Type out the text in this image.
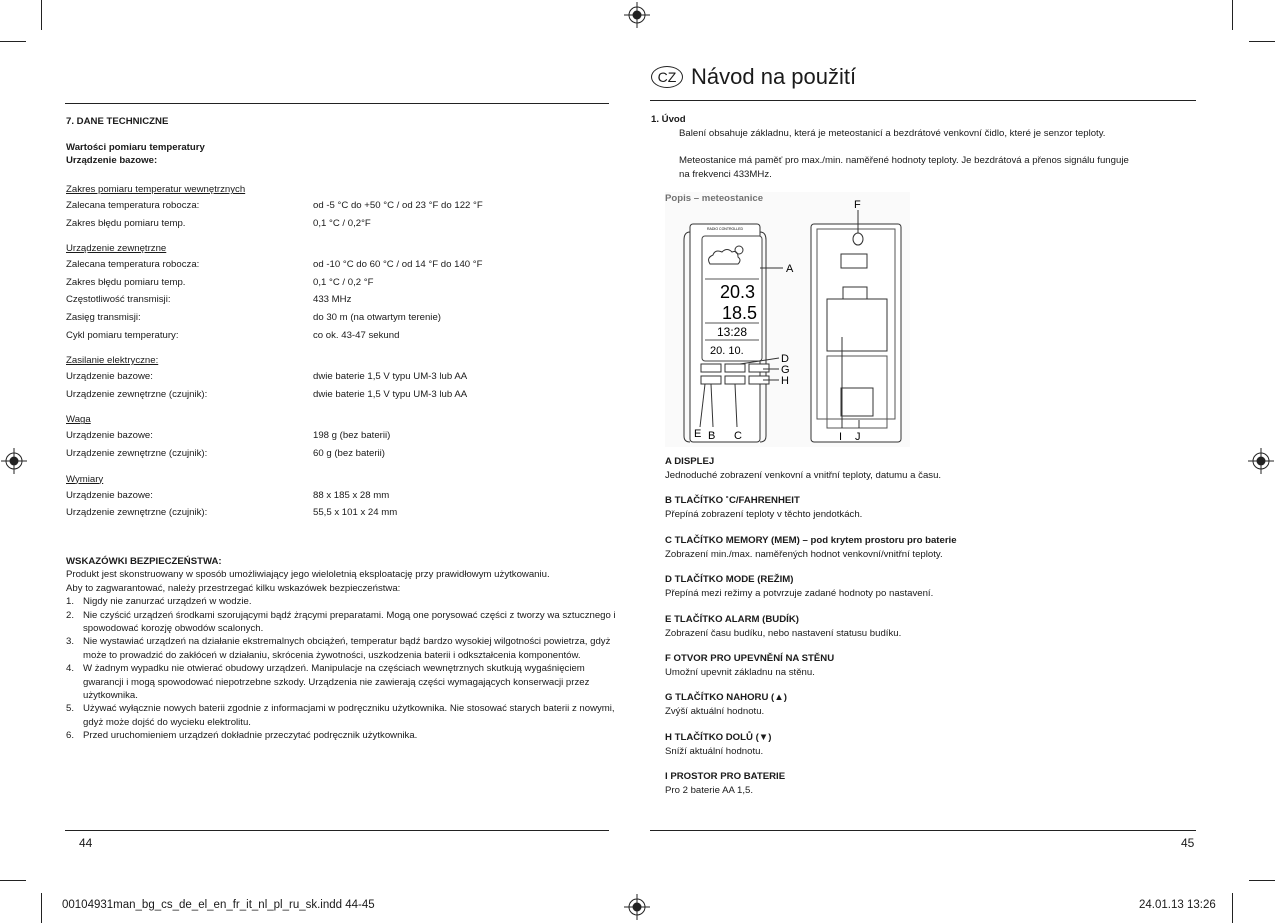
7. DANE TECHNICZNE
Wartości pomiaru temperatury
Urządzenie bazowe:
Zakres pomiaru temperatur wewnętrznych
Zalecana temperatura robocza:	od -5 °C do +50 °C / od 23 °F do 122 °F
Zakres błędu pomiaru temp.	0,1 °C / 0,2°F
Urządzenie zewnętrzne
Zalecana temperatura robocza:	od -10 °C do 60 °C / od 14 °F do 140 °F
Zakres błędu pomiaru temp.	0,1 °C / 0,2 °F
Częstotliwość transmisji:	433 MHz
Zasięg transmisji:	do 30 m (na otwartym terenie)
Cykl pomiaru temperatury:	co ok. 43-47 sekund
Zasilanie elektryczne:
Urządzenie bazowe:	dwie baterie 1,5 V typu UM-3 lub AA
Urządzenie zewnętrzne (czujnik):	dwie baterie 1,5 V typu UM-3 lub AA
Waga
Urządzenie bazowe:	198 g (bez baterii)
Urządzenie zewnętrzne (czujnik):	60 g (bez baterii)
Wymiary
Urządzenie bazowe:	88 x 185 x 28 mm
Urządzenie zewnętrzne (czujnik):	55,5 x 101 x 24 mm
WSKAZÓWKI BEZPIECZEŃSTWA:
Produkt jest skonstruowany w sposób umożliwiający jego wieloletnią eksploatację przy prawidłowym użytkowaniu.
Aby to zagwarantować, należy przestrzegać kilku wskazówek bezpieczeństwa:
1. Nigdy nie zanurzać urządzeń w wodzie.
2. Nie czyścić urządzeń środkami szorującymi bądź żrącymi preparatami. Mogą one porysować części z tworzy wa sztucznego i spowodować korozję obwodów scalonych.
3. Nie wystawiać urządzeń na działanie ekstremalnych obciążeń, temperatur bądź bardzo wysokiej wilgotności powietrza, gdyż może to prowadzić do zakłóceń w działaniu, skrócenia żywotności, uszkodzenia baterii i odkształcenia komponentów.
4. W żadnym wypadku nie otwierać obudowy urządzeń. Manipulacje na częściach wewnętrznych skutkują wygaśnięciem gwarancji i mogą spowodować niepotrzebne szkody. Urządzenia nie zawierają części wymagających konserwacji przez użytkownika.
5. Używać wyłącznie nowych baterii zgodnie z informacjami w podręczniku użytkownika. Nie stosować starych baterii z nowymi, gdyż może dojść do wycieku elektrolitu.
6. Przed uruchomieniem urządzeń dokładnie przeczytać podręcznik użytkownika.
44
CZ Návod na použití
1. Úvod
Balení obsahuje základnu, která je meteostanicí a bezdrátové venkovní čidlo, které je senzor teploty.
Meteostanice má paměť pro max./min. naměřené hodnoty teploty. Je bezdrátová a přenos signálu funguje
na frekvenci 433MHz.
Popis – meteostanice
RADIO CONTROLLED
20.3
18.5
13:28
20. 10.
A
B C
D
E
F
G
H
I J
A DISPLEJ
Jednoduché zobrazení venkovní a vnitřní teploty, datumu a času.
B TLAČÍTKO ˚C/FAHRENHEIT
Přepíná zobrazení teploty v těchto jendotkách.
C TLAČÍTKO MEMORY (MEM) – pod krytem prostoru pro baterie
Zobrazení min./max. naměřených hodnot venkovní/vnitřní teploty.
D TLAČÍTKO MODE (REŽIM)
Přepíná mezi režimy a potvrzuje zadané hodnoty po nastavení.
E TLAČÍTKO ALARM (BUDÍK)
Zobrazení času budíku, nebo nastavení statusu budíku.
F OTVOR PRO UPEVNĚNÍ NA STĚNU
Umožní upevnit základnu na stěnu.
G TLAČÍTKO NAHORU (▲)
Zvýší aktuální hodnotu.
H TLAČÍTKO DOLŮ (▼)
Sníží aktuální hodnotu.
I PROSTOR PRO BATERIE
Pro 2 baterie AA 1,5.
45
00104931man_bg_cs_de_el_en_fr_it_nl_pl_ru_sk.indd 44-45	24.01.13 13:26
